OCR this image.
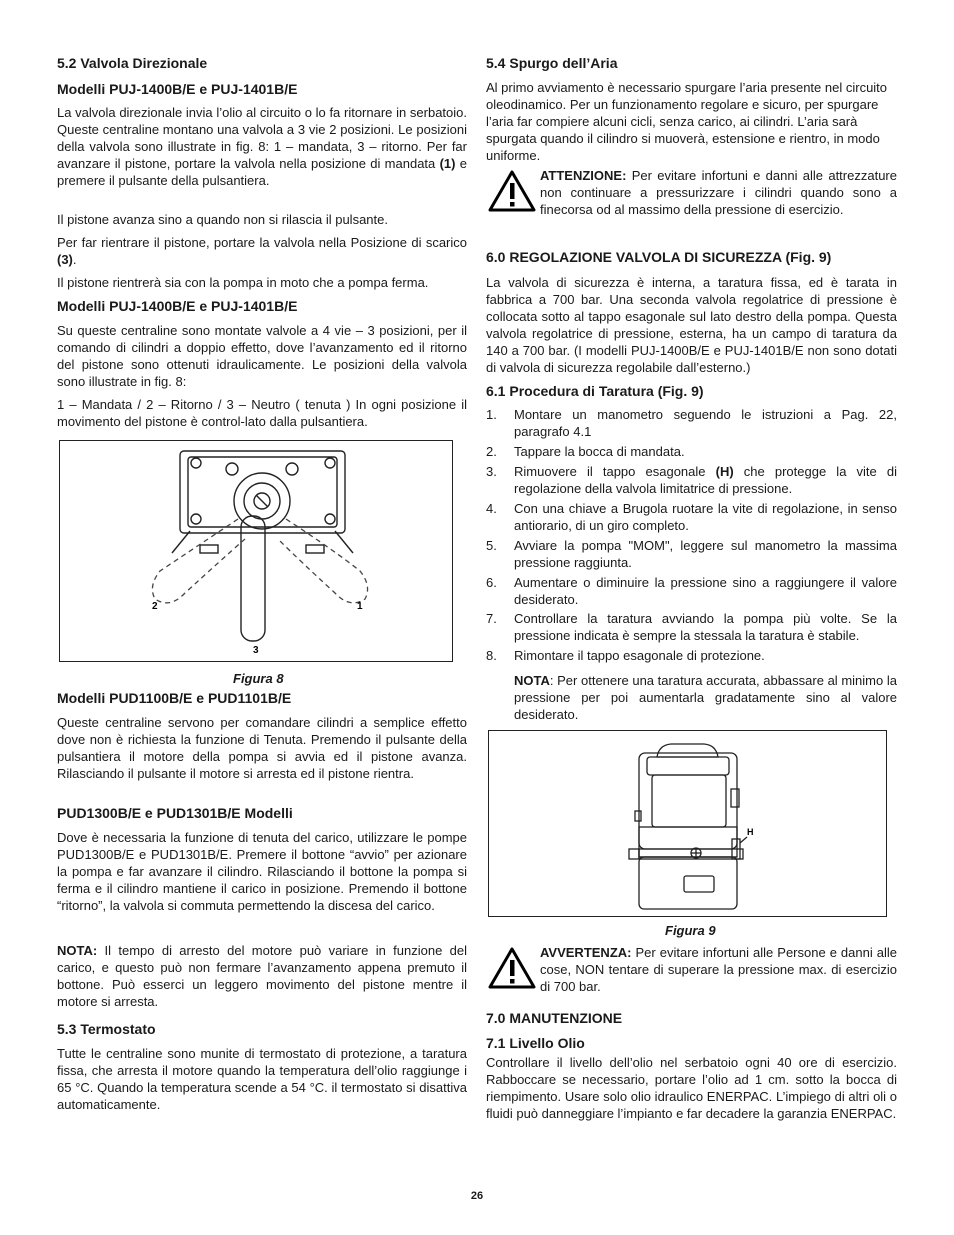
5.2 Valvola Direzionale
Modelli PUJ-1400B/E e PUJ-1401B/E

La valvola direzionale invia l’olio al circuito o lo fa ritornare in serbatoio. Queste centraline montano una valvola a 3 vie 2 posizioni. Le posizioni della valvola sono illustrate in fig. 8: 1 – mandata, 3 – ritorno. Per far avanzare il pistone, portare la valvola nella posizione di mandata (1) e premere il pulsante della pulsantiera.

Il pistone avanza sino a quando non si rilascia il pulsante.

Per far rientrare il pistone, portare la valvola nella Posizione di scarico (3).

Il pistone rientrerà sia con la pompa in moto che a pompa ferma.

Modelli PUJ-1400B/E e PUJ-1401B/E

Su queste centraline sono montate valvole a 4 vie – 3 posizioni, per il comando di cilindri a doppio effetto, dove l’avanzamento ed il ritorno del pistone sono ottenuti idraulicamente. Le posizioni della valvola sono illustrate in fig. 8:

1 – Mandata / 2 – Ritorno / 3 – Neutro ( tenuta ) In ogni posizione il movimento del pistone è control-lato dalla pulsantiera.

2	1
3
Figura 8
Modelli PUD1100B/E e PUD1101B/E

Queste centraline servono per comandare cilindri a semplice effetto dove non è richiesta la funzione di Tenuta. Premendo il pulsante della pulsantiera il motore della pompa si avvia ed il pistone avanza. Rilasciando il pulsante il motore si arresta ed il pistone rientra.

PUD1300B/E e PUD1301B/E Modelli

Dove è necessaria la funzione di tenuta del carico, utilizzare le pompe PUD1300B/E e PUD1301B/E. Premere il bottone “avvio” per azionare la pompa e far avanzare il cilindro. Rilasciando il bottone la pompa si ferma e il cilindro mantiene il carico in posizione. Premendo il bottone “ritorno”, la valvola si commuta permettendo la discesa del carico.

NOTA: Il tempo di arresto del motore può variare in funzione del carico, e questo può non fermare l’avanzamento appena premuto il bottone. Può esserci un leggero movimento del pistone mentre il motore si arresta.

5.3 Termostato

Tutte le centraline sono munite di termostato di protezione, a taratura fissa, che arresta il motore quando la temperatura dell’olio raggiunge i 65 °C. Quando la temperatura scende a 54 °C. il termostato si disattiva automaticamente.

5.4 Spurgo dell’Aria

Al primo avviamento è necessario spurgare l’aria presente nel circuito oleodinamico. Per un funzionamento regolare e sicuro, per spurgare l’aria far compiere alcuni cicli, senza carico, ai cilindri. L’aria sarà spurgata quando il cilindro si muoverà, estensione e rientro, in modo uniforme.

ATTENZIONE: Per evitare infortuni e danni alle attrezzature non continuare a pressurizzare i cilindri quando sono a finecorsa od al massimo della pressione di esercizio.

6.0 REGOLAZIONE VALVOLA DI SICUREZZA (Fig. 9)

La valvola di sicurezza è interna, a taratura fissa, ed è tarata in fabbrica a 700 bar. Una seconda valvola regolatrice di pressione è collocata sotto al tappo esagonale sul lato destro della pompa. Questa valvola regolatrice di pressione, esterna, ha un campo di taratura da 140 a 700 bar. (I modelli PUJ-1400B/E e PUJ-1401B/E non sono dotati di valvola di sicurezza regolabile dall’esterno.)

6.1 Procedura di Taratura (Fig. 9)
1. Montare un manometro seguendo le istruzioni a Pag. 22, paragrafo 4.1
2. Tappare la bocca di mandata.
3. Rimuovere il tappo esagonale (H) che protegge la vite di regolazione della valvola limitatrice di pressione.
4. Con una chiave a Brugola ruotare la vite di regolazione, in senso antiorario, di un giro completo.
5. Avviare la pompa "MOM", leggere sul manometro la massima pressione raggiunta.
6. Aumentare o diminuire la pressione sino a raggiungere il valore desiderato.
7. Controllare la taratura avviando la pompa più volte. Se la pressione indicata è sempre la stessala la taratura è stabile.
8. Rimontare il tappo esagonale di protezione.

NOTA: Per ottenere una taratura accurata, abbassare al minimo la pressione per poi aumentarla gradatamente sino al valore desiderato.

H
Figura 9

AVVERTENZA: Per evitare infortuni alle Persone e danni alle cose, NON tentare di superare la pressione max. di esercizio di 700 bar.

7.0 MANUTENZIONE
7.1 Livello Olio

Controllare il livello dell’olio nel serbatoio ogni 40 ore di esercizio. Rabboccare se necessario, portare l’olio ad 1 cm. sotto la bocca di riempimento. Usare solo olio idraulico ENERPAC. L’impiego di altri oli o fluidi può danneggiare l’impianto e far decadere la garanzia ENERPAC.

26
